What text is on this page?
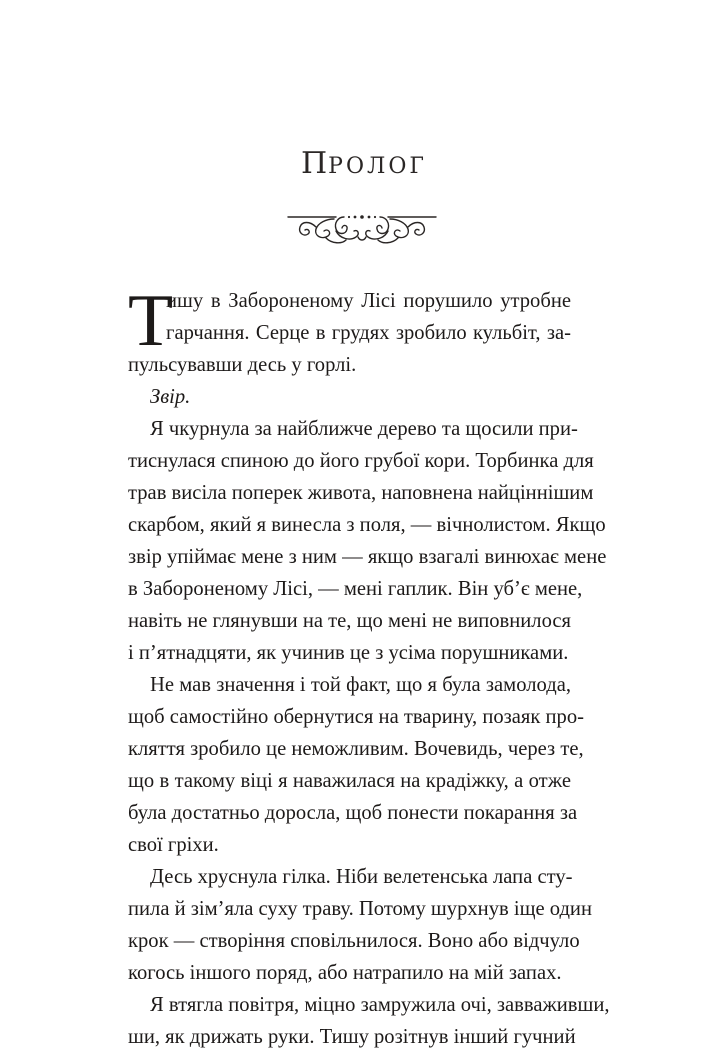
ПРОЛОГ
Т
ишу в Забороненому Лісі порушило утробне
гарчання. Серце в грудях зробило кульбіт, за-
пульсувавши десь у горлі.
Звір.
Я чкурнула за найближче дерево та щосили при-
тиснулася спиною до його грубої кори. Торбинка для
трав висіла поперек живота, наповнена найціннішим
скарбом, який я винесла з поля, — вічнолистом. Якщо
звір упіймає мене з ним — якщо взагалі винюхає мене
в Забороненому Лісі, — мені гаплик. Він уб’є мене,
навіть не глянувши на те, що мені не виповнилося
і п’ятнадцяти, як учинив це з усіма порушниками.
Не мав значення і той факт, що я була замолода,
щоб самостійно обернутися на тварину, позаяк про-
кляття зробило це неможливим. Вочевидь, через те,
що в такому віці я наважилася на крадіжку, а отже
була достатньо доросла, щоб понести покарання за
свої гріхи.
Десь хруснула гілка. Ніби велетенська лапа сту-
пила й зім’яла суху траву. Потому шурхнув іще один
крок — створіння сповільнилося. Воно або відчуло
когось іншого поряд, або натрапило на мій запах.
Я втягла повітря, міцно замружила очі, завваживши,
ши, як дрижать руки. Тишу розітнув інший гучний
